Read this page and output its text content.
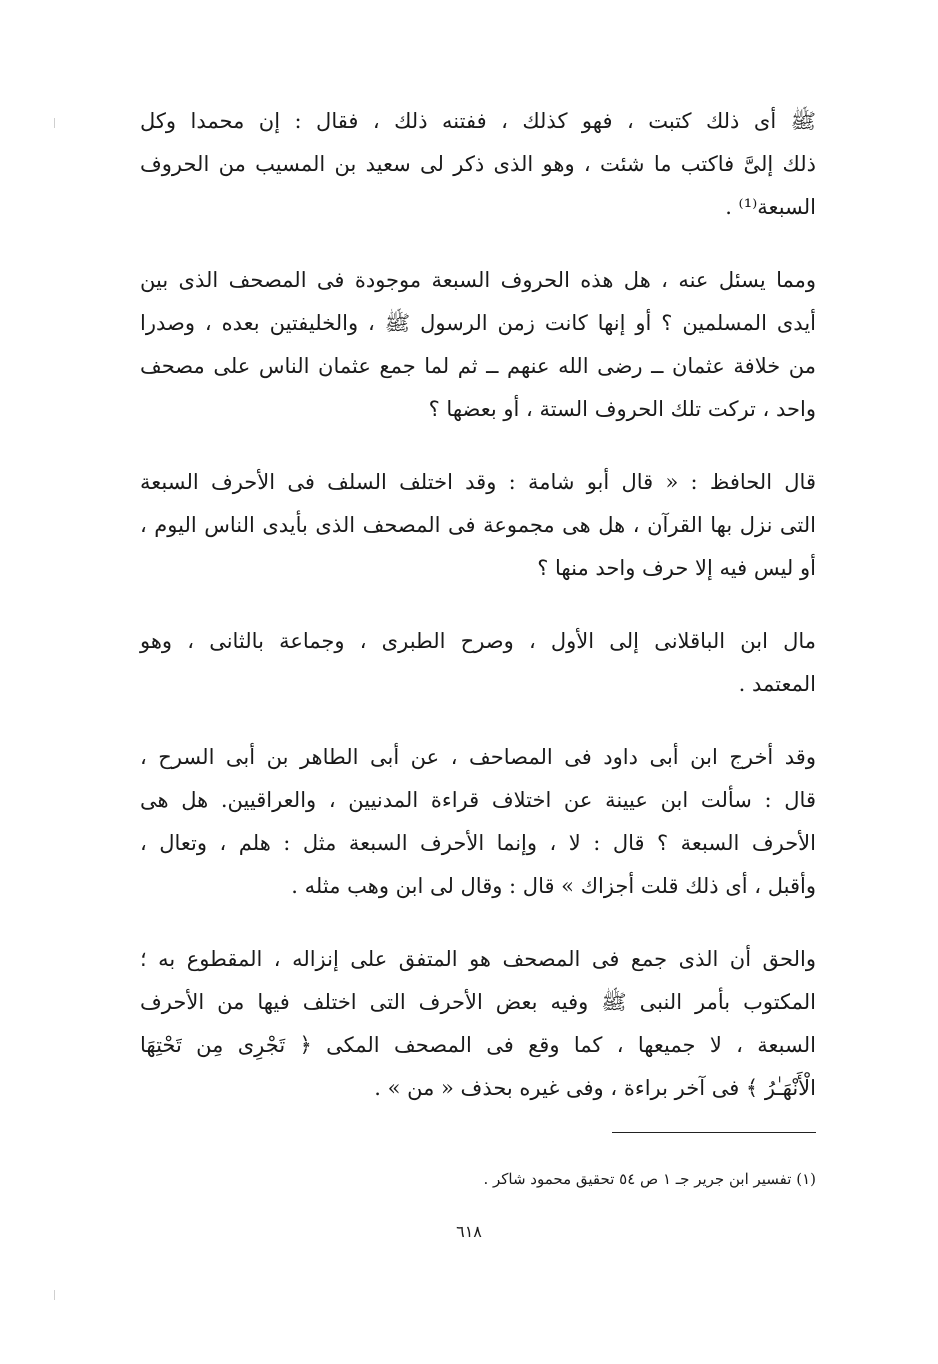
ﷺ أى ذلك كتبت ، فهو كذلك ، ففتنه ذلك ، فقال : إن محمدا وكل
ذلك إلىَّ فاكتب ما شئت ، وهو الذى ذكر لى سعيد بن المسيب من الحروف
السبعة⁽¹⁾ .

ومما يسئل عنه ، هل هذه الحروف السبعة موجودة فى المصحف الذى بين
أيدى المسلمين ؟ أو إنها كانت زمن الرسول ﷺ ، والخليفتين بعده ، وصدرا
من خلافة عثمان ــ رضى الله عنهم ــ ثم لما جمع عثمان الناس على مصحف
واحد ، تركت تلك الحروف الستة ، أو بعضها ؟

قال الحافظ : « قال أبو شامة : وقد اختلف السلف فى الأحرف السبعة
التى نزل بها القرآن ، هل هى مجموعة فى المصحف الذى بأيدى الناس اليوم ،
أو ليس فيه إلا حرف واحد منها ؟

مال ابن الباقلانى إلى الأول ، وصرح الطبرى ، وجماعة بالثانى ، وهو
المعتمد .

وقد أخرج ابن أبى داود فى المصاحف ، عن أبى الطاهر بن أبى السرح ،
قال : سألت ابن عيينة عن اختلاف قراءة المدنيين ، والعراقيين. هل هى
الأحرف السبعة ؟ قال : لا ، وإنما الأحرف السبعة مثل : هلم ، وتعال ،
وأقبل ، أى ذلك قلت أجزاك » قال : وقال لى ابن وهب مثله .

والحق أن الذى جمع فى المصحف هو المتفق على إنزاله ، المقطوع به ؛
المكتوب بأمر النبى ﷺ وفيه بعض الأحرف التى اختلف فيها من الأحرف
السبعة ، لا جميعها ، كما وقع فى المصحف المكى ﴿ تَجْرِى مِن تَحْتِهَا
الْأَنْهَـٰرُ ﴾ فى آخر براءة ، وفى غيره بحذف « من » .

(١) تفسير ابن جرير جـ ١ ص ٥٤ تحقيق محمود شاكر .
٦١٨
